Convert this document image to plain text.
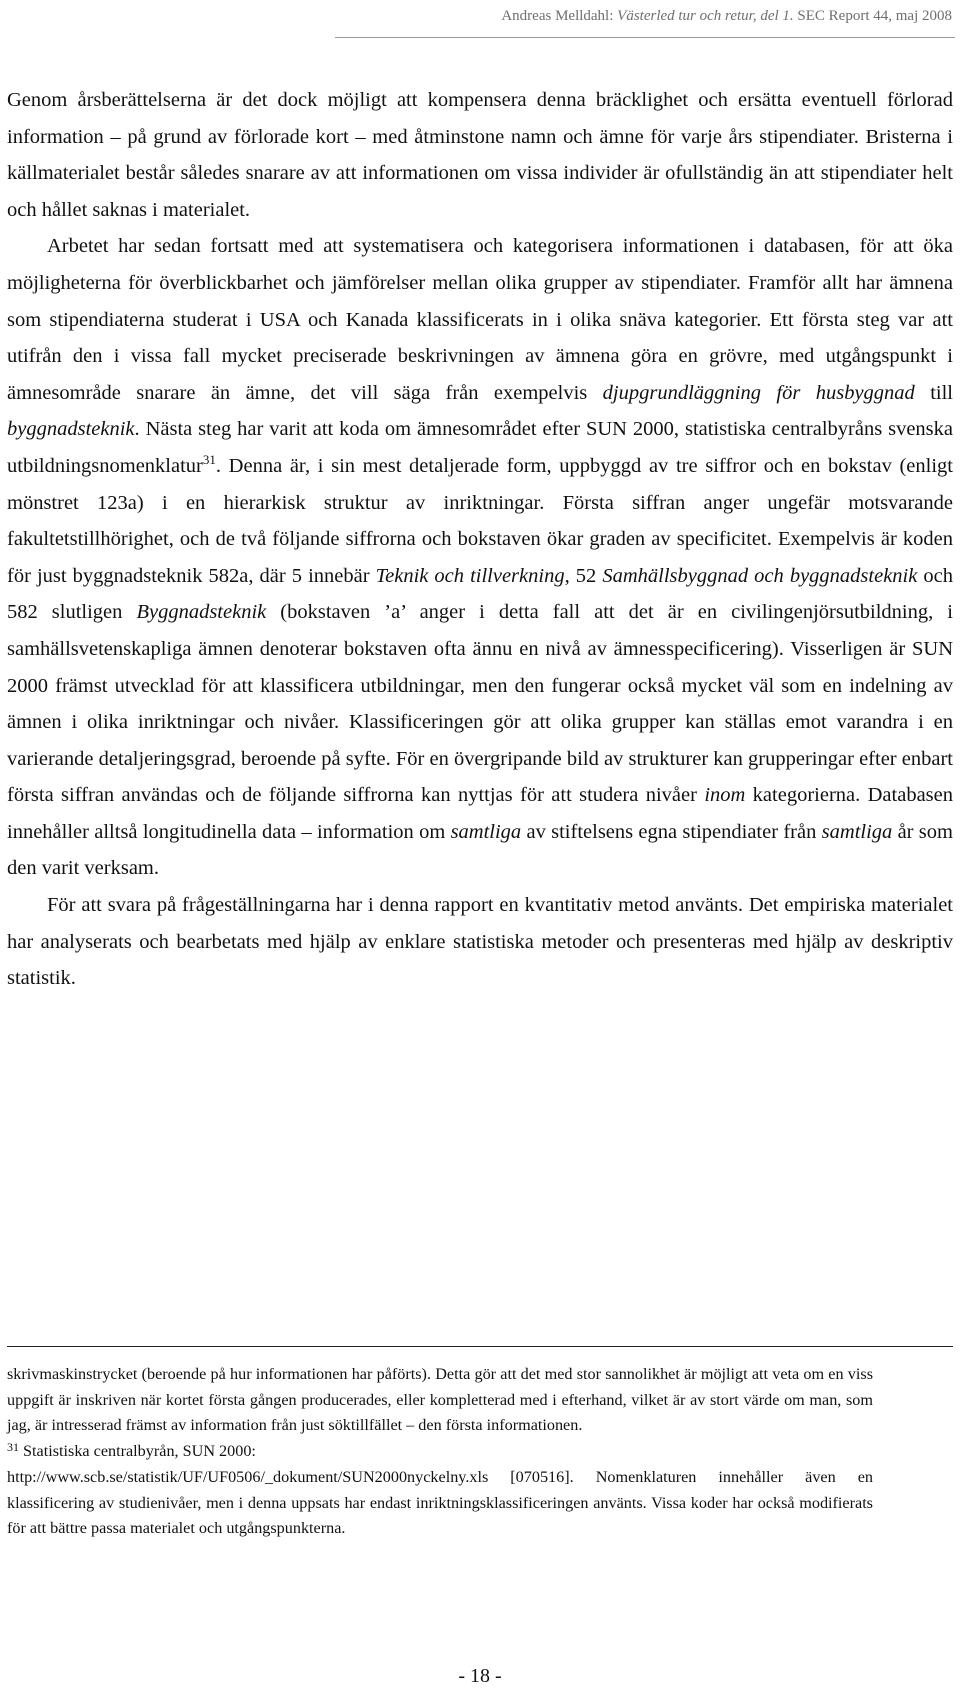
Andreas Melldahl: Västerled tur och retur, del 1. SEC Report 44, maj 2008

Genom årsberättelserna är det dock möjligt att kompensera denna bräcklighet och ersätta eventuell förlorad information – på grund av förlorade kort – med åtminstone namn och ämne för varje års stipendiater. Bristerna i källmaterialet består således snarare av att informationen om vissa individer är ofullständig än att stipendiater helt och hållet saknas i materialet.

Arbetet har sedan fortsatt med att systematisera och kategorisera informationen i databasen, för att öka möjligheterna för överblickbarhet och jämförelser mellan olika grupper av stipendiater. Framför allt har ämnena som stipendiaterna studerat i USA och Kanada klassificerats in i olika snäva kategorier. Ett första steg var att utifrån den i vissa fall mycket preciserade beskrivningen av ämnena göra en grövre, med utgångspunkt i ämnesområde snarare än ämne, det vill säga från exempelvis djupgrundläggning för husbyggnad till byggnadsteknik. Nästa steg har varit att koda om ämnesområdet efter SUN 2000, statistiska centralbyråns svenska utbildningsnomenklatur$^{31}$. Denna är, i sin mest detaljerade form, uppbyggd av tre siffror och en bokstav (enligt mönstret 123a) i en hierarkisk struktur av inriktningar. Första siffran anger ungefär motsvarande fakultetstillhörighet, och de två följande siffrorna och bokstaven ökar graden av specificitet. Exempelvis är koden för just byggnadsteknik 582a, där 5 innebär Teknik och tillverkning, 52 Samhällsbyggnad och byggnadsteknik och 582 slutligen Byggnadsteknik (bokstaven ’a’ anger i detta fall att det är en civilingenjörsutbildning, i samhällsvetenskapliga ämnen denoterar bokstaven ofta ännu en nivå av ämnesspecificering). Visserligen är SUN 2000 främst utvecklad för att klassificera utbildningar, men den fungerar också mycket väl som en indelning av ämnen i olika inriktningar och nivåer. Klassificeringen gör att olika grupper kan ställas emot varandra i en varierande detaljeringsgrad, beroende på syfte. För en övergripande bild av strukturer kan grupperingar efter enbart första siffran användas och de följande siffrorna kan nyttjas för att studera nivåer inom kategorierna. Databasen innehåller alltså longitudinella data – information om samtliga av stiftelsens egna stipendiater från samtliga år som den varit verksam.

För att svara på frågeställningarna har i denna rapport en kvantitativ metod använts. Det empiriska materialet har analyserats och bearbetats med hjälp av enklare statistiska metoder och presenteras med hjälp av deskriptiv statistik.

skrivmaskinstrycket (beroende på hur informationen har påförts). Detta gör att det med stor sannolikhet är möjligt att veta om en viss uppgift är inskriven när kortet första gången producerades, eller kompletterad med i efterhand, vilket är av stort värde om man, som jag, är intresserad främst av information från just söktillfället – den första informationen.

$^{31}$ Statistiska centralbyrån, SUN 2000:

http://www.scb.se/statistik/UF/UF0506/_dokument/SUN2000nyckelny.xls [070516]. Nomenklaturen innehåller även en klassificering av studienivåer, men i denna uppsats har endast inriktningsklassificeringen använts. Vissa koder har också modifierats för att bättre passa materialet och utgångspunkterna.

- 18 -
